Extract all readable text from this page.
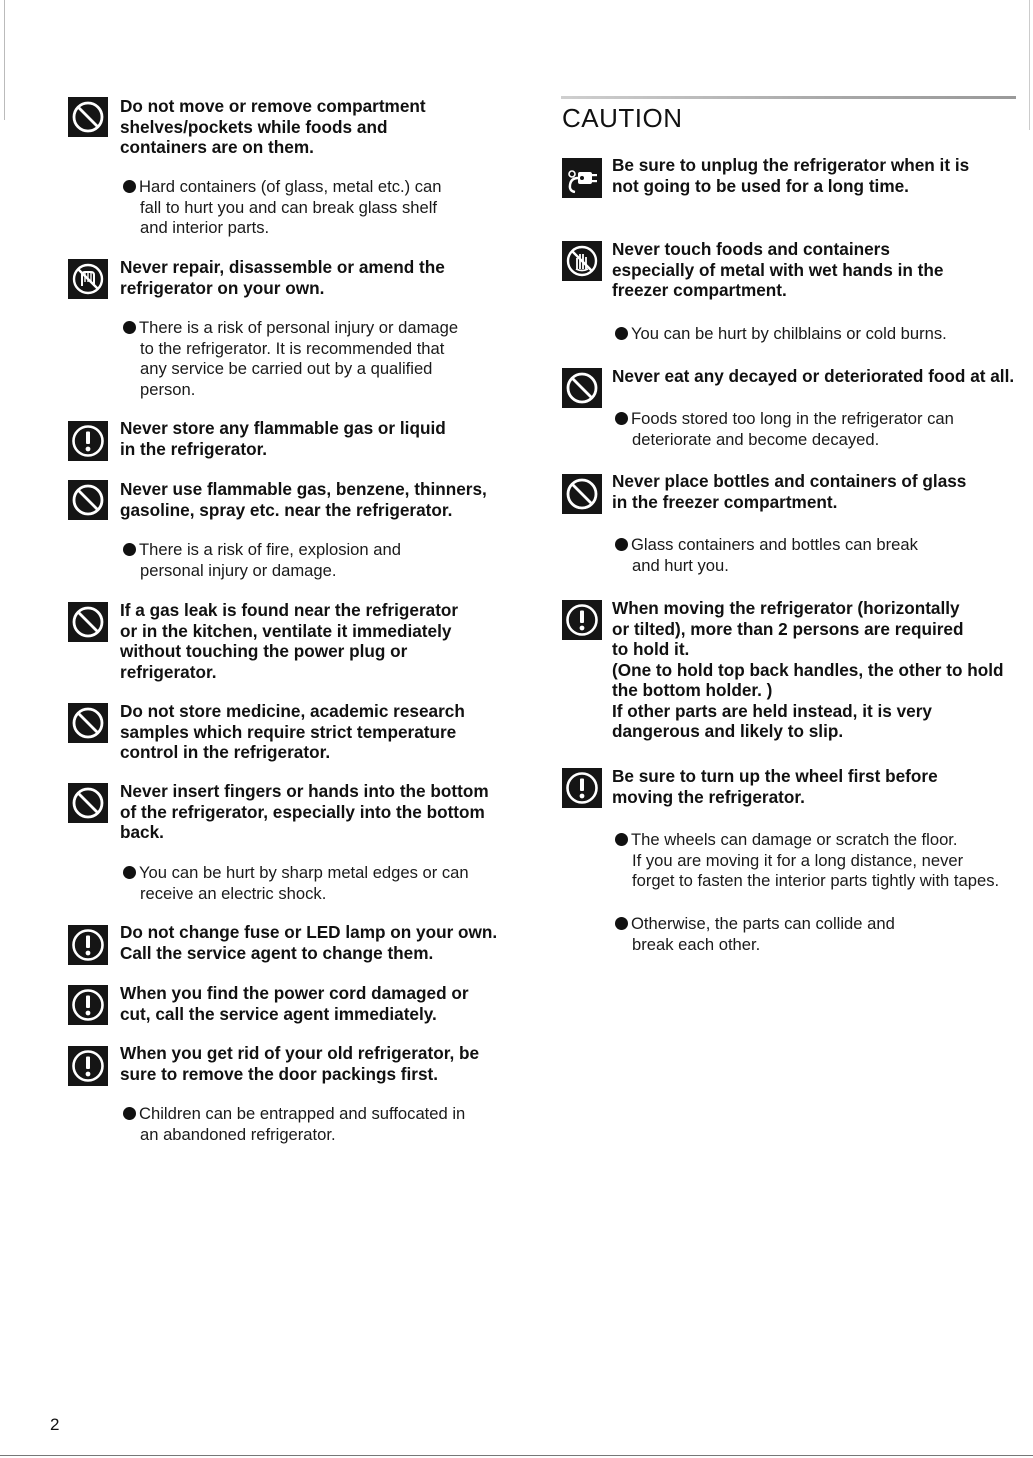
CAUTION

Do not move or remove compartment
shelves/pockets while foods and
containers are on them.

Hard containers (of glass, metal etc.) can
fall to hurt you and can break glass shelf
and interior parts.

Never repair, disassemble or amend the
refrigerator on your own.

There is a risk of personal injury or damage
to the refrigerator. It is recommended that
any service be carried out by a qualified
person.

Never store any flammable gas or liquid
in the refrigerator.

Never use flammable gas, benzene, thinners,
gasoline, spray etc. near the refrigerator.

There is a risk of fire, explosion and
personal injury or damage.

If a gas leak is found near the refrigerator
or in the kitchen, ventilate it immediately
without touching the power plug or
refrigerator.

Do not store medicine, academic research
samples which require strict temperature
control in the refrigerator.

Never insert fingers or hands into the bottom
of the refrigerator, especially into the bottom
back.

You can be hurt by sharp metal edges or can
receive an electric shock.

Do not change fuse or LED lamp on your own.
Call the service agent to change them.

When you find the power cord damaged or
cut, call the service agent immediately.

When you get rid of your old refrigerator, be
sure to remove the door packings first.

Children can be entrapped and suffocated in
an abandoned refrigerator.

Be sure to unplug the refrigerator when it is
not going to be used for a long time.

Never touch foods and containers
especially of metal with wet hands in the
freezer compartment.

You can be hurt by chilblains or cold burns.

Never eat any decayed or deteriorated food at all.

Foods stored too long in the refrigerator can
deteriorate and become decayed.

Never place bottles and containers of glass
in the freezer compartment.

Glass containers and bottles can break
and hurt you.

When moving the refrigerator (horizontally
or tilted), more than 2 persons are required
to hold it.
(One to hold top back handles, the other to hold
the bottom holder. )
If other parts are held instead, it is very
dangerous and likely to slip.

Be sure to turn up the wheel first before
moving the refrigerator.

The wheels can damage or scratch the floor.
If you are moving it for a long distance, never
forget to fasten the interior parts tightly with tapes.

Otherwise, the parts can collide and
break each other.

2
